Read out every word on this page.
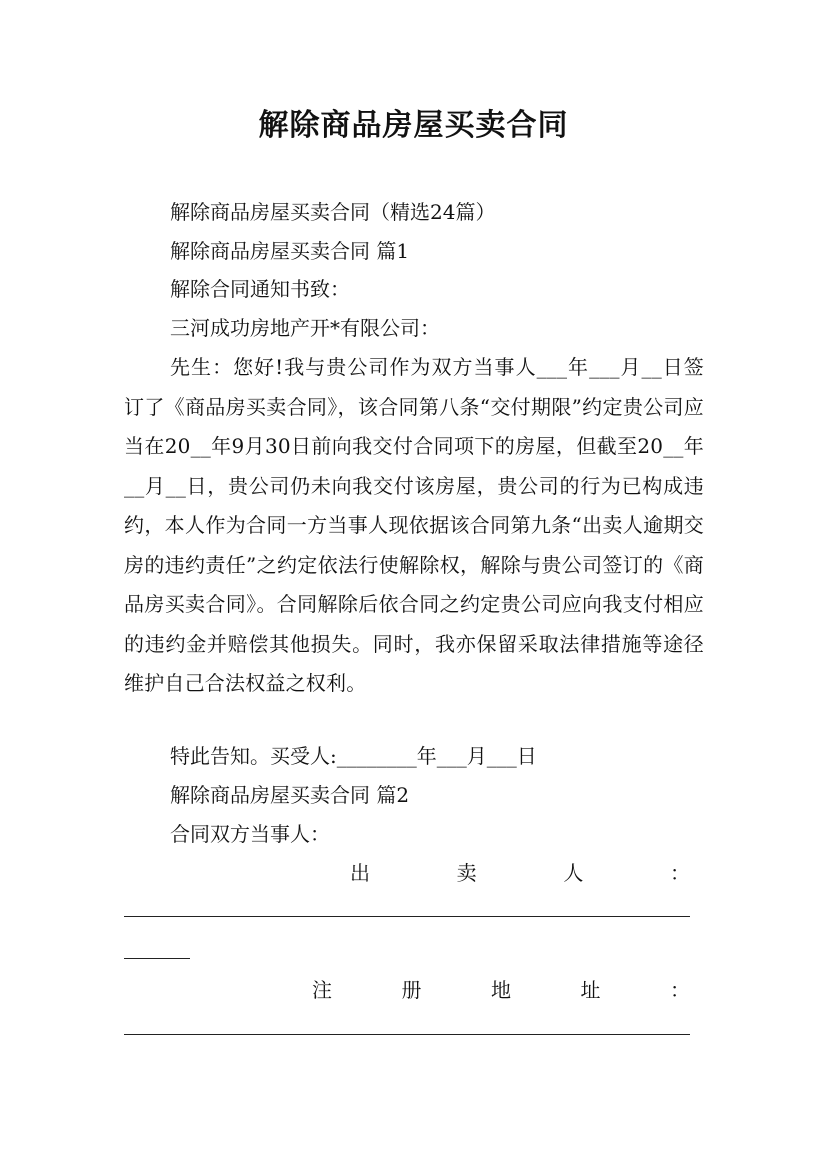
解除商品房屋买卖合同

解除商品房屋买卖合同（精选24篇）

解除商品房屋买卖合同 篇1

解除合同通知书致：

三河成功房地产开*有限公司：

先生：您好!我与贵公司作为双方当事人___年___月__日签订了《商品房买卖合同》，该合同第八条“交付期限”约定贵公司应当在20__年9月30日前向我交付合同项下的房屋，但截至20__年__月__日，贵公司仍未向我交付该房屋，贵公司的行为已构成违约，本人作为合同一方当事人现依据该合同第九条“出卖人逾期交房的违约责任”之约定依法行使解除权，解除与贵公司签订的《商品房买卖合同》。合同解除后依合同之约定贵公司应向我支付相应的违约金并赔偿其他损失。同时，我亦保留采取法律措施等途径维护自己合法权益之权利。

特此告知。买受人:________年___月___日

解除商品房屋买卖合同 篇2

合同双方当事人：

出	卖	人	：

注	册	地	址	：
